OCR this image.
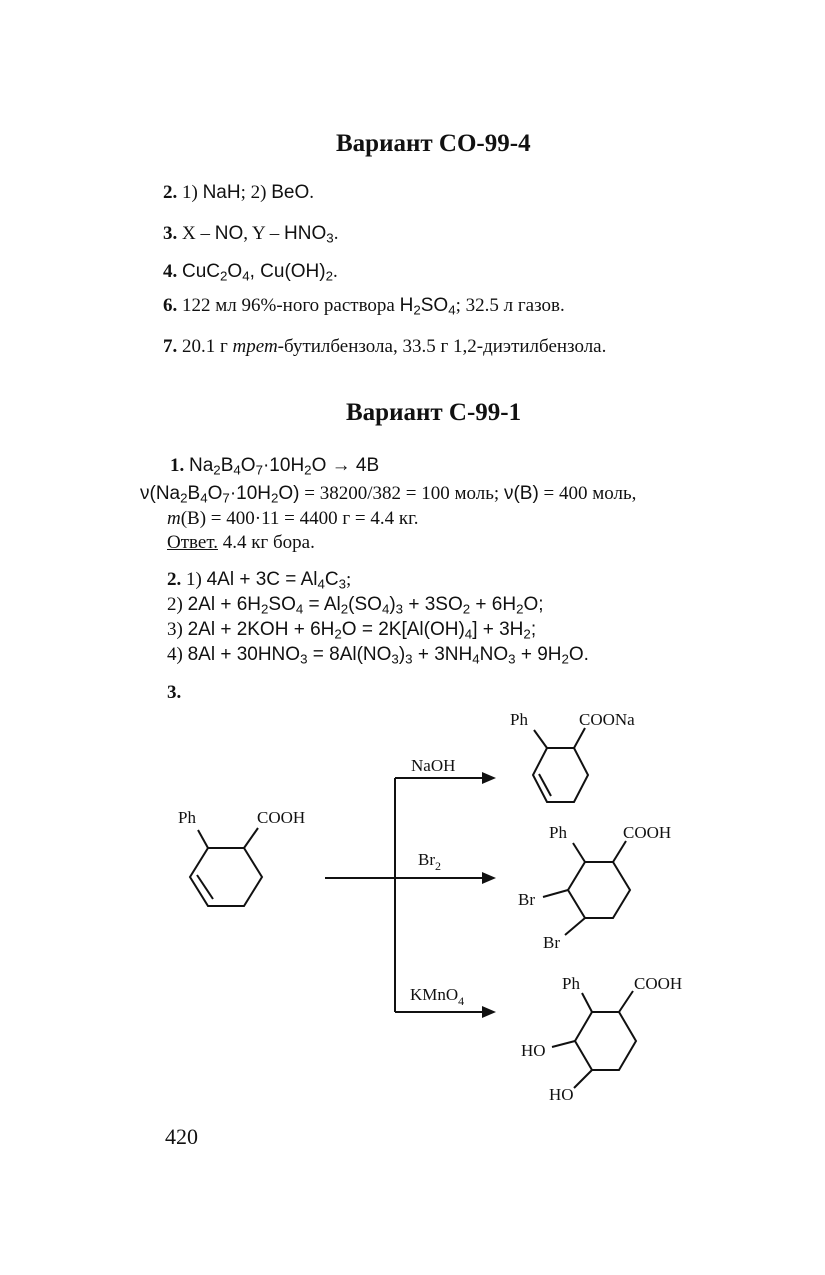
Вариант СО-99-4
2. 1) NaH; 2) BeO.
3. X – NO, Y – $HNO_3$.
4. $CuC_2O_4$, $Cu(OH)_2$.
6. 122 мл 96%-ного раствора $H_2SO_4$; 32.5 л газов.
7. 20.1 г трет-бутилбензола, 33.5 г 1,2-диэтилбензола.
Вариант С-99-1
1. $Na_2B_4O_7\cdot 10H_2O \to 4B$
$\nu(Na_2B_4O_7\cdot 10H_2O) = 38200/382 = 100$ моль; ν(B) = 400 моль,
m(B) = 400·11 = 4400 г = 4.4 кг.
Ответ. 4.4 кг бора.
2. 1) $4Al + 3C = Al_4C_3$;
2) $2Al + 6H_2SO_4 = Al_2(SO_4)_3 + 3SO_2 + 6H_2O$;
3) $2Al + 2KOH + 6H_2O = 2K[Al(OH)_4] + 3H_2$;
4) $8Al + 30HNO_3 = 8Al(NO_3)_3 + 3NH_4NO_3 + 9H_2O$.
3.
Ph	COOH
NaOH
$Br_2$
KMnO$_4$
Ph	COONa
Ph	COOH
Br
Br
Ph	COOH
HO
HO
420
